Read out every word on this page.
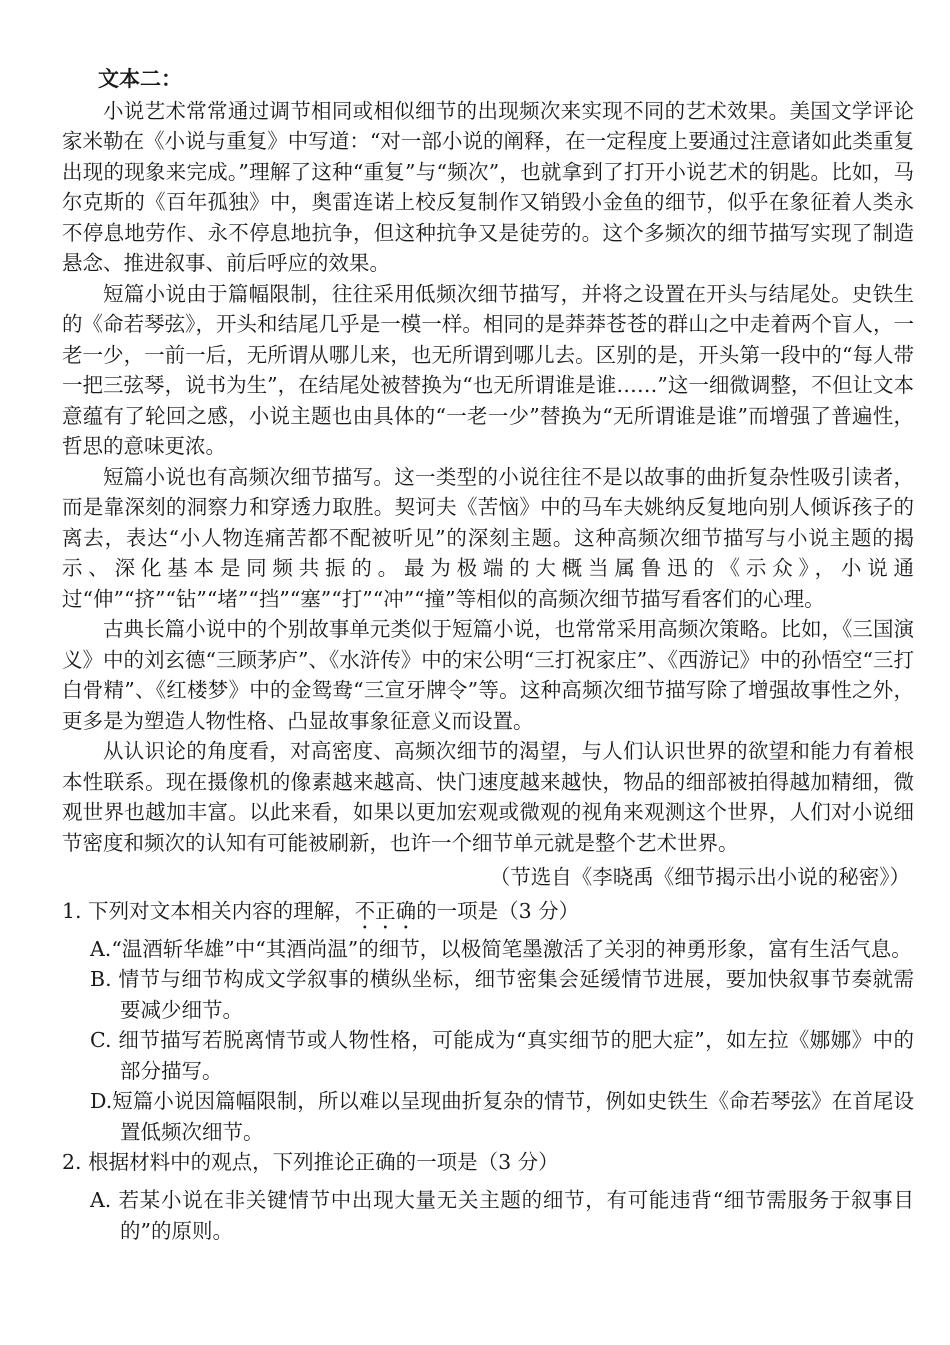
文本二：

小说艺术常常通过调节相同或相似细节的出现频次来实现不同的艺术效果。美国文学评论家米勒在《小说与重复》中写道：“对一部小说的阐释，在一定程度上要通过注意诸如此类重复出现的现象来完成。”理解了这种“重复”与“频次”，也就拿到了打开小说艺术的钥匙。比如，马尔克斯的《百年孤独》中，奥雷连诺上校反复制作又销毁小金鱼的细节，似乎在象征着人类永不停息地劳作、永不停息地抗争，但这种抗争又是徒劳的。这个多频次的细节描写实现了制造悬念、推进叙事、前后呼应的效果。

短篇小说由于篇幅限制，往往采用低频次细节描写，并将之设置在开头与结尾处。史铁生的《命若琴弦》，开头和结尾几乎是一模一样。相同的是莽莽苍苍的群山之中走着两个盲人，一老一少，一前一后，无所谓从哪儿来，也无所谓到哪儿去。区别的是，开头第一段中的“每人带一把三弦琴，说书为生”，在结尾处被替换为“也无所谓谁是谁……”这一细微调整，不但让文本意蕴有了轮回之感，小说主题也由具体的“一老一少”替换为“无所谓谁是谁”而增强了普遍性，哲思的意味更浓。

短篇小说也有高频次细节描写。这一类型的小说往往不是以故事的曲折复杂性吸引读者，而是靠深刻的洞察力和穿透力取胜。契诃夫《苦恼》中的马车夫姚纳反复地向别人倾诉孩子的离去，表达“小人物连痛苦都不配被听见”的深刻主题。这种高频次细节描写与小说主题的揭示、深化基本是同频共振的。最为极端的大概当属鲁迅的《示众》，小说通过“伸”“挤”“钻”“堵”“挡”“塞”“打”“冲”“撞”等相似的高频次细节描写看客们的心理。

古典长篇小说中的个别故事单元类似于短篇小说，也常常采用高频次策略。比如，《三国演义》中的刘玄德“三顾茅庐”、《水浒传》中的宋公明“三打祝家庄”、《西游记》中的孙悟空“三打白骨精”、《红楼梦》中的金鸳鸯“三宣牙牌令”等。这种高频次细节描写除了增强故事性之外，更多是为塑造人物性格、凸显故事象征意义而设置。

从认识论的角度看，对高密度、高频次细节的渴望，与人们认识世界的欲望和能力有着根本性联系。现在摄像机的像素越来越高、快门速度越来越快，物品的细部被拍得越加精细，微观世界也越加丰富。以此来看，如果以更加宏观或微观的视角来观测这个世界，人们对小说细节密度和频次的认知有可能被刷新，也许一个细节单元就是整个艺术世界。

（节选自《李晓禹《细节揭示出小说的秘密》）

1. 下列对文本相关内容的理解，不正确的一项是（3 分）

A.“温酒斩华雄”中“其酒尚温”的细节，以极简笔墨激活了关羽的神勇形象，富有生活气息。

B. 情节与细节构成文学叙事的横纵坐标，细节密集会延缓情节进展，要加快叙事节奏就需要减少细节。

C. 细节描写若脱离情节或人物性格，可能成为“真实细节的肥大症”，如左拉《娜娜》中的部分描写。

D.短篇小说因篇幅限制，所以难以呈现曲折复杂的情节，例如史铁生《命若琴弦》在首尾设置低频次细节。

2. 根据材料中的观点，下列推论正确的一项是（3 分）

A. 若某小说在非关键情节中出现大量无关主题的细节，有可能违背“细节需服务于叙事目的”的原则。
